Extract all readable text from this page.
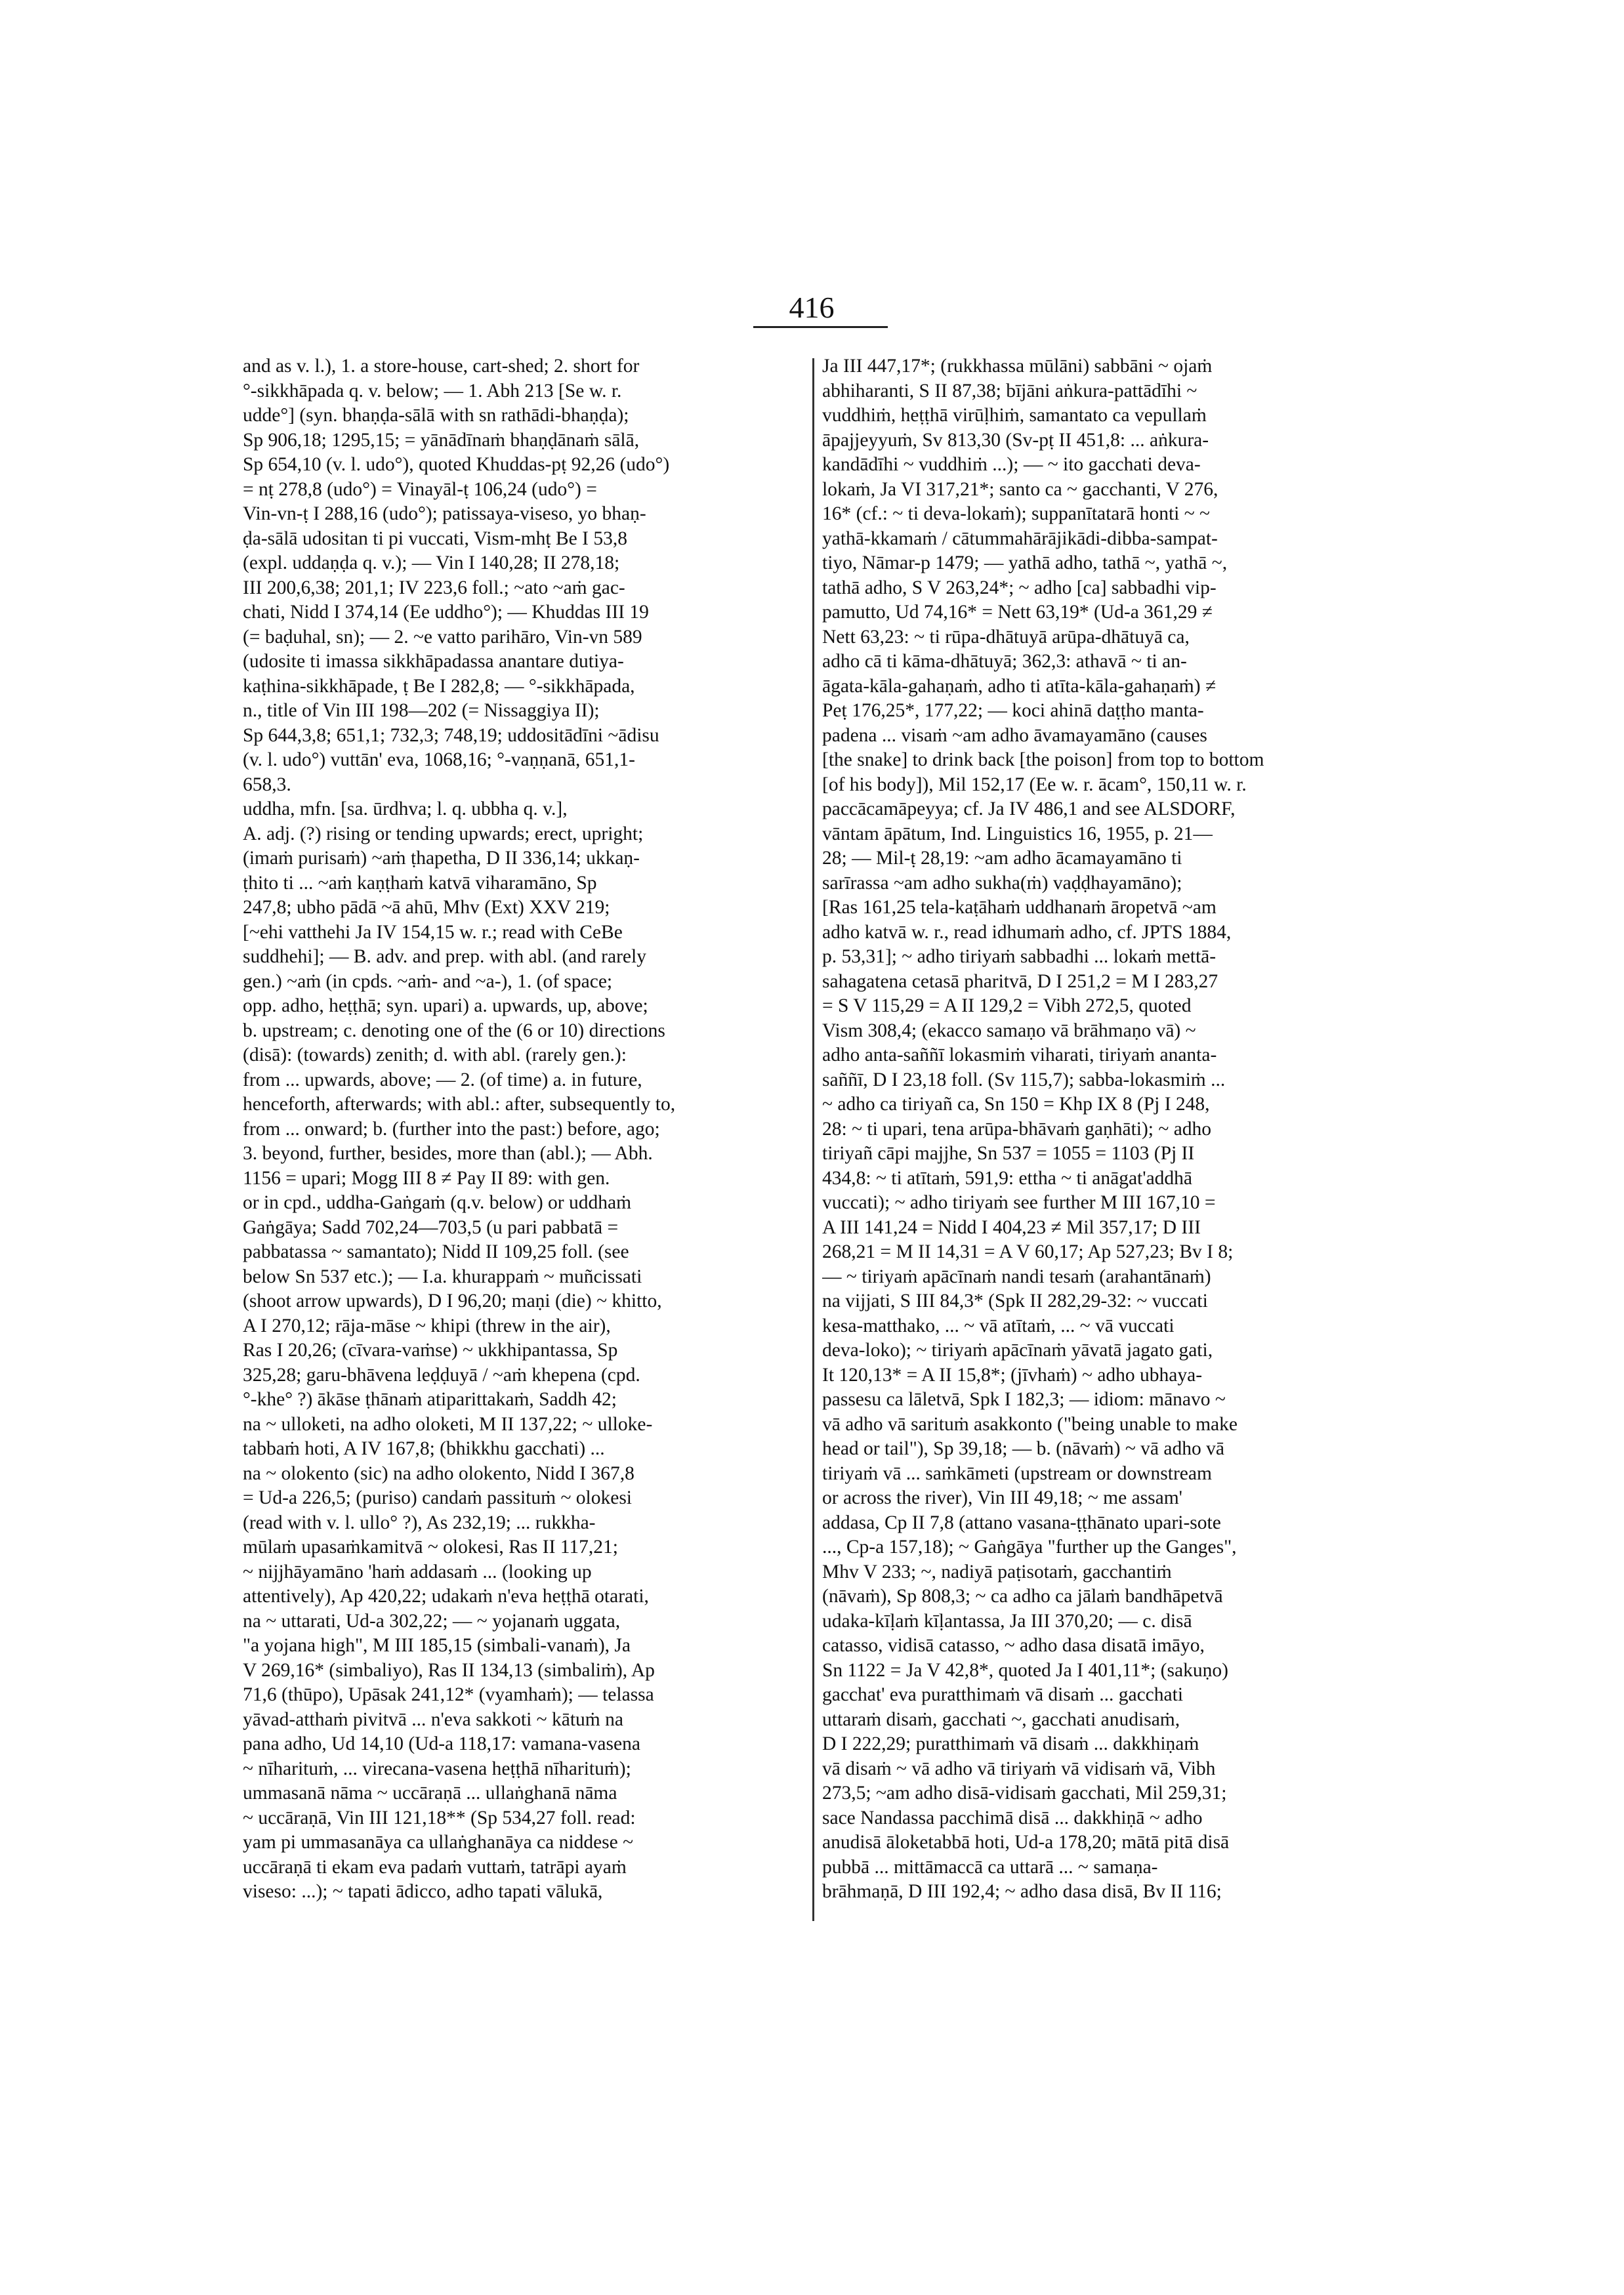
416
and as v. l.), 1. a store-house, cart-shed; 2. short for
°-sikkhāpada q. v. below; — 1. Abh 213 [Se w. r.
udde°] (syn. bhaṇḍa-sālā with sn rathādi-bhaṇḍa);
Sp 906,18; 1295,15; = yānādīnaṁ bhaṇḍānaṁ sālā,
Sp 654,10 (v. l. udo°), quoted Khuddas-pṭ 92,26 (udo°)
= nṭ 278,8 (udo°) = Vinayāl-ṭ 106,24 (udo°) =
Vin-vn-ṭ I 288,16 (udo°); patissaya-viseso, yo bhaṇ-
ḍa-sālā udositan ti pi vuccati, Vism-mhṭ Be I 53,8
(expl. uddaṇḍa q. v.); — Vin I 140,28; II 278,18;
III 200,6,38; 201,1; IV 223,6 foll.; ~ato ~aṁ gac-
chati, Nidd I 374,14 (Ee uddho°); — Khuddas III 19
(= baḍuhal, sn); — 2. ~e vatto parihāro, Vin-vn 589
(udosite ti imassa sikkhāpadassa anantare dutiya-
kaṭhina-sikkhāpade, ṭ Be I 282,8; — °-sikkhāpada,
n., title of Vin III 198—202 (= Nissaggiya II);
Sp 644,3,8; 651,1; 732,3; 748,19; uddositādīni ~ādisu
(v. l. udo°) vuttān' eva, 1068,16; °-vaṇṇanā, 651,1-
658,3.
uddha, mfn. [sa. ūrdhva; l. q. ubbha q. v.],
A. adj. (?) rising or tending upwards; erect, upright;
(imaṁ purisaṁ) ~aṁ ṭhapetha, D II 336,14; ukkaṇ-
ṭhito ti ... ~aṁ kaṇṭhaṁ katvā viharamāno, Sp
247,8; ubho pādā ~ā ahū, Mhv (Ext) XXV 219;
[~ehi vatthehi Ja IV 154,15 w. r.; read with CeBe
suddhehi]; — B. adv. and prep. with abl. (and rarely
gen.) ~aṁ (in cpds. ~aṁ- and ~a-), 1. (of space;
opp. adho, heṭṭhā; syn. upari) a. upwards, up, above;
b. upstream; c. denoting one of the (6 or 10) directions
(disā): (towards) zenith; d. with abl. (rarely gen.):
from ... upwards, above; — 2. (of time) a. in future,
henceforth, afterwards; with abl.: after, subsequently to,
from ... onward; b. (further into the past:) before, ago;
3. beyond, further, besides, more than (abl.); — Abh.
1156 = upari; Mogg III 8 ≠ Pay II 89: with gen.
or in cpd., uddha-Gaṅgaṁ (q.v. below) or uddhaṁ
Gaṅgāya; Sadd 702,24—703,5 (u pari pabbatā =
pabbatassa ~ samantato); Nidd II 109,25 foll. (see
below Sn 537 etc.); — I.a. khurappaṁ ~ muñcissati
(shoot arrow upwards), D I 96,20; maṇi (die) ~ khitto,
A I 270,12; rāja-māse ~ khipi (threw in the air),
Ras I 20,26; (cīvara-vaṁse) ~ ukkhipantassa, Sp
325,28; garu-bhāvena leḍḍuyā / ~aṁ khepena (cpd.
°-khe° ?) ākāse ṭhānaṁ atiparittakaṁ, Saddh 42;
na ~ ulloketi, na adho oloketi, M II 137,22; ~ ulloke-
tabbaṁ hoti, A IV 167,8; (bhikkhu gacchati) ...
na ~ olokento (sic) na adho olokento, Nidd I 367,8
= Ud-a 226,5; (puriso) candaṁ passituṁ ~ olokesi
(read with v. l. ullo° ?), As 232,19; ... rukkha-
mūlaṁ upasaṁkamitvā ~ olokesi, Ras II 117,21;
~ nijjhāyamāno 'haṁ addasaṁ ... (looking up
attentively), Ap 420,22; udakaṁ n'eva heṭṭhā otarati,
na ~ uttarati, Ud-a 302,22; — ~ yojanaṁ uggata,
"a yojana high", M III 185,15 (simbali-vanaṁ), Ja
V 269,16* (simbaliyo), Ras II 134,13 (simbaliṁ), Ap
71,6 (thūpo), Upāsak 241,12* (vyamhaṁ); — telassa
yāvad-atthaṁ pivitvā ... n'eva sakkoti ~ kātuṁ na
pana adho, Ud 14,10 (Ud-a 118,17: vamana-vasena
~ nīharituṁ, ... virecana-vasena heṭṭhā nīharituṁ);
ummasanā nāma ~ uccāraṇā ... ullaṅghanā nāma
~ uccāraṇā, Vin III 121,18** (Sp 534,27 foll. read:
yam pi ummasanāya ca ullaṅghanāya ca niddese ~
uccāraṇā ti ekam eva padaṁ vuttaṁ, tatrāpi ayaṁ
viseso: ...); ~ tapati ādicco, adho tapati vālukā,
Ja III 447,17*; (rukkhassa mūlāni) sabbāni ~ ojaṁ
abhiharanti, S II 87,38; bījāni aṅkura-pattādīhi ~
vuddhiṁ, heṭṭhā virūḷhiṁ, samantato ca vepullaṁ
āpajjeyyuṁ, Sv 813,30 (Sv-pṭ II 451,8: ... aṅkura-
kandādīhi ~ vuddhiṁ ...); — ~ ito gacchati deva-
lokaṁ, Ja VI 317,21*; santo ca ~ gacchanti, V 276,
16* (cf.: ~ ti deva-lokaṁ); suppanītatarā honti ~ ~
yathā-kkamaṁ / cātummahārājikādi-dibba-sampat-
tiyo, Nāmar-p 1479; — yathā adho, tathā ~, yathā ~,
tathā adho, S V 263,24*; ~ adho [ca] sabbadhi vip-
pamutto, Ud 74,16* = Nett 63,19* (Ud-a 361,29 ≠
Nett 63,23: ~ ti rūpa-dhātuyā arūpa-dhātuyā ca,
adho cā ti kāma-dhātuyā; 362,3: athavā ~ ti an-
āgata-kāla-gahaṇaṁ, adho ti atīta-kāla-gahaṇaṁ) ≠
Peṭ 176,25*, 177,22; — koci ahinā daṭṭho manta-
padena ... visaṁ ~am adho āvamayamāno (causes
[the snake] to drink back [the poison] from top to bottom
[of his body]), Mil 152,17 (Ee w. r. ācam°, 150,11 w. r.
paccācamāpeyya; cf. Ja IV 486,1 and see ALSDORF,
vāntam āpātum, Ind. Linguistics 16, 1955, p. 21—
28; — Mil-ṭ 28,19: ~am adho ācamayamāno ti
sarīrassa ~am adho sukha(ṁ) vaḍḍhayamāno);
[Ras 161,25 tela-kaṭāhaṁ uddhanaṁ āropetvā ~am
adho katvā w. r., read idhumaṁ adho, cf. JPTS 1884,
p. 53,31]; ~ adho tiriyaṁ sabbadhi ... lokaṁ mettā-
sahagatena cetasā pharitvā, D I 251,2 = M I 283,27
= S V 115,29 = A II 129,2 = Vibh 272,5, quoted
Vism 308,4; (ekacco samaṇo vā brāhmaṇo vā) ~
adho anta-saññī lokasmiṁ viharati, tiriyaṁ ananta-
saññī, D I 23,18 foll. (Sv 115,7); sabba-lokasmiṁ ...
~ adho ca tiriyañ ca, Sn 150 = Khp IX 8 (Pj I 248,
28: ~ ti upari, tena arūpa-bhāvaṁ gaṇhāti); ~ adho
tiriyañ cāpi majjhe, Sn 537 = 1055 = 1103 (Pj II
434,8: ~ ti atītaṁ, 591,9: ettha ~ ti anāgat'addhā
vuccati); ~ adho tiriyaṁ see further M III 167,10 =
A III 141,24 = Nidd I 404,23 ≠ Mil 357,17; D III
268,21 = M II 14,31 = A V 60,17; Ap 527,23; Bv I 8;
— ~ tiriyaṁ apācīnaṁ nandi tesaṁ (arahantānaṁ)
na vijjati, S III 84,3* (Spk II 282,29-32: ~ vuccati
kesa-matthako, ... ~ vā atītaṁ, ... ~ vā vuccati
deva-loko); ~ tiriyaṁ apācīnaṁ yāvatā jagato gati,
It 120,13* = A II 15,8*; (jīvhaṁ) ~ adho ubhaya-
passesu ca lāletvā, Spk I 182,3; — idiom: mānavo ~
vā adho vā sarituṁ asakkonto ("being unable to make
head or tail"), Sp 39,18; — b. (nāvaṁ) ~ vā adho vā
tiriyaṁ vā ... saṁkāmeti (upstream or downstream
or across the river), Vin III 49,18; ~ me assam'
addasa, Cp II 7,8 (attano vasana-ṭṭhānato upari-sote
..., Cp-a 157,18); ~ Gaṅgāya "further up the Ganges",
Mhv V 233; ~, nadiyā paṭisotaṁ, gacchantiṁ
(nāvaṁ), Sp 808,3; ~ ca adho ca jālaṁ bandhāpetvā
udaka-kīḷaṁ kīḷantassa, Ja III 370,20; — c. disā
catasso, vidisā catasso, ~ adho dasa disatā imāyo,
Sn 1122 = Ja V 42,8*, quoted Ja I 401,11*; (sakuṇo)
gacchat' eva puratthimaṁ vā disaṁ ... gacchati
uttaraṁ disaṁ, gacchati ~, gacchati anudisaṁ,
D I 222,29; puratthimaṁ vā disaṁ ... dakkhiṇaṁ
vā disaṁ ~ vā adho vā tiriyaṁ vā vidisaṁ vā, Vibh
273,5; ~am adho disā-vidisaṁ gacchati, Mil 259,31;
sace Nandassa pacchimā disā ... dakkhiṇā ~ adho
anudisā āloketabbā hoti, Ud-a 178,20; mātā pitā disā
pubbā ... mittāmaccā ca uttarā ... ~ samaṇa-
brāhmaṇā, D III 192,4; ~ adho dasa disā, Bv II 116;
